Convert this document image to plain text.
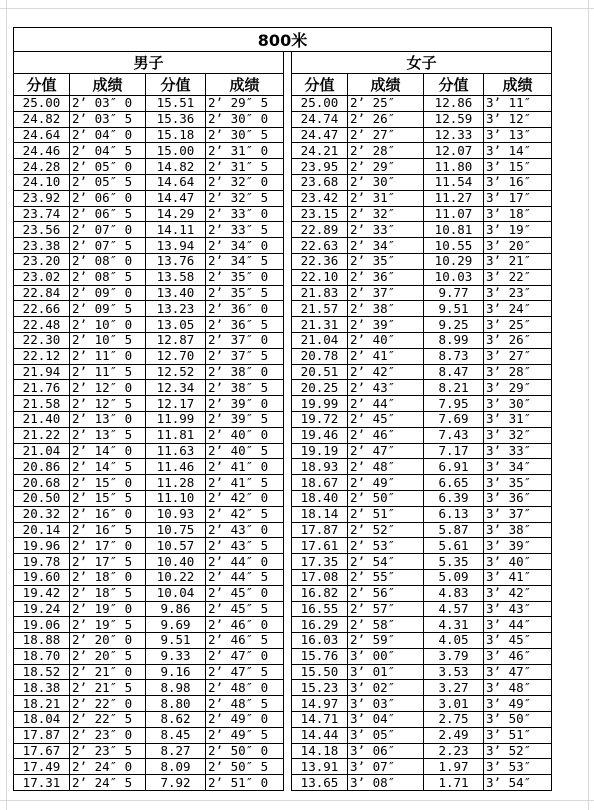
800米								
男子					女子			
分值	成绩	分值	成绩		分值	成绩	分值	成绩
25.00	2’ 03″ 0	15.51	2’ 29″ 5		25.00	2’ 25″	12.86	3’ 11″
24.82	2’ 03″ 5	15.36	2’ 30″ 0		24.74	2’ 26″	12.59	3’ 12″
24.64	2’ 04″ 0	15.18	2’ 30″ 5		24.47	2’ 27″	12.33	3’ 13″
24.46	2’ 04″ 5	15.00	2’ 31″ 0		24.21	2’ 28″	12.07	3’ 14″
24.28	2’ 05″ 0	14.82	2’ 31″ 5		23.95	2’ 29″	11.80	3’ 15″
24.10	2’ 05″ 5	14.64	2’ 32″ 0		23.68	2’ 30″	11.54	3’ 16″
23.92	2’ 06″ 0	14.47	2’ 32″ 5		23.42	2’ 31″	11.27	3’ 17″
23.74	2’ 06″ 5	14.29	2’ 33″ 0		23.15	2’ 32″	11.07	3’ 18″
23.56	2’ 07″ 0	14.11	2’ 33″ 5		22.89	2’ 33″	10.81	3’ 19″
23.38	2’ 07″ 5	13.94	2’ 34″ 0		22.63	2’ 34″	10.55	3’ 20″
23.20	2’ 08″ 0	13.76	2’ 34″ 5		22.36	2’ 35″	10.29	3’ 21″
23.02	2’ 08″ 5	13.58	2’ 35″ 0		22.10	2’ 36″	10.03	3’ 22″
22.84	2’ 09″ 0	13.40	2’ 35″ 5		21.83	2’ 37″	9.77	3’ 23″
22.66	2’ 09″ 5	13.23	2’ 36″ 0		21.57	2’ 38″	9.51	3’ 24″
22.48	2’ 10″ 0	13.05	2’ 36″ 5		21.31	2’ 39″	9.25	3’ 25″
22.30	2’ 10″ 5	12.87	2’ 37″ 0		21.04	2’ 40″	8.99	3’ 26″
22.12	2’ 11″ 0	12.70	2’ 37″ 5		20.78	2’ 41″	8.73	3’ 27″
21.94	2’ 11″ 5	12.52	2’ 38″ 0		20.51	2’ 42″	8.47	3’ 28″
21.76	2’ 12″ 0	12.34	2’ 38″ 5		20.25	2’ 43″	8.21	3’ 29″
21.58	2’ 12″ 5	12.17	2’ 39″ 0		19.99	2’ 44″	7.95	3’ 30″
21.40	2’ 13″ 0	11.99	2’ 39″ 5		19.72	2’ 45″	7.69	3’ 31″
21.22	2’ 13″ 5	11.81	2’ 40″ 0		19.46	2’ 46″	7.43	3’ 32″
21.04	2’ 14″ 0	11.63	2’ 40″ 5		19.19	2’ 47″	7.17	3’ 33″
20.86	2’ 14″ 5	11.46	2’ 41″ 0		18.93	2’ 48″	6.91	3’ 34″
20.68	2’ 15″ 0	11.28	2’ 41″ 5		18.67	2’ 49″	6.65	3’ 35″
20.50	2’ 15″ 5	11.10	2’ 42″ 0		18.40	2’ 50″	6.39	3’ 36″
20.32	2’ 16″ 0	10.93	2’ 42″ 5		18.14	2’ 51″	6.13	3’ 37″
20.14	2’ 16″ 5	10.75	2’ 43″ 0		17.87	2’ 52″	5.87	3’ 38″
19.96	2’ 17″ 0	10.57	2’ 43″ 5		17.61	2’ 53″	5.61	3’ 39″
19.78	2’ 17″ 5	10.40	2’ 44″ 0		17.35	2’ 54″	5.35	3’ 40″
19.60	2’ 18″ 0	10.22	2’ 44″ 5		17.08	2’ 55″	5.09	3’ 41″
19.42	2’ 18″ 5	10.04	2’ 45″ 0		16.82	2’ 56″	4.83	3’ 42″
19.24	2’ 19″ 0	9.86	2’ 45″ 5		16.55	2’ 57″	4.57	3’ 43″
19.06	2’ 19″ 5	9.69	2’ 46″ 0		16.29	2’ 58″	4.31	3’ 44″
18.88	2’ 20″ 0	9.51	2’ 46″ 5		16.03	2’ 59″	4.05	3’ 45″
18.70	2’ 20″ 5	9.33	2’ 47″ 0		15.76	3’ 00″	3.79	3’ 46″
18.52	2’ 21″ 0	9.16	2’ 47″ 5		15.50	3’ 01″	3.53	3’ 47″
18.38	2’ 21″ 5	8.98	2’ 48″ 0		15.23	3’ 02″	3.27	3’ 48″
18.21	2’ 22″ 0	8.80	2’ 48″ 5		14.97	3’ 03″	3.01	3’ 49″
18.04	2’ 22″ 5	8.62	2’ 49″ 0		14.71	3’ 04″	2.75	3’ 50″
17.87	2’ 23″ 0	8.45	2’ 49″ 5		14.44	3’ 05″	2.49	3’ 51″
17.67	2’ 23″ 5	8.27	2’ 50″ 0		14.18	3’ 06″	2.23	3’ 52″
17.49	2’ 24″ 0	8.09	2’ 50″ 5		13.91	3’ 07″	1.97	3’ 53″
17.31	2’ 24″ 5	7.92	2’ 51″ 0		13.65	3’ 08″	1.71	3’ 54″
